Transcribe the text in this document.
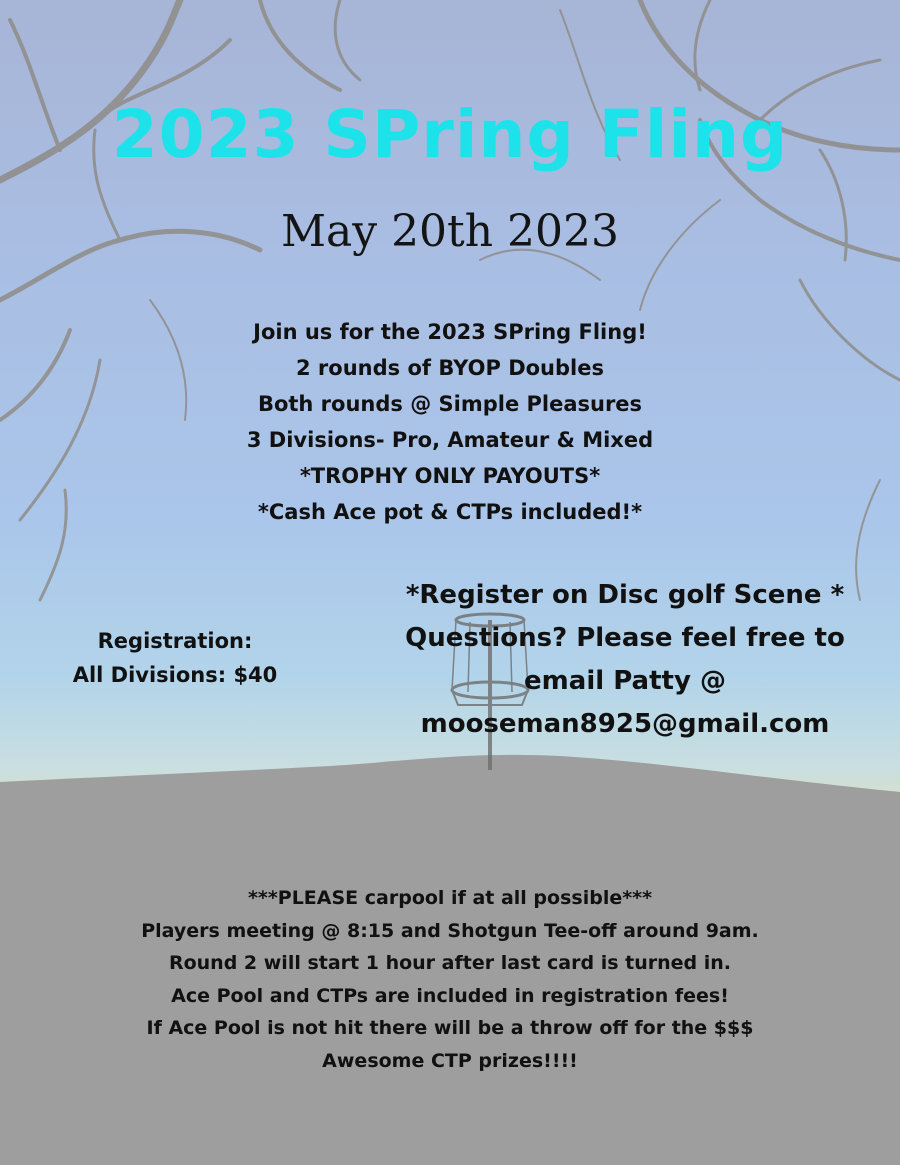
2023 SPring Fling
May 20th 2023
Join us for the 2023 SPring Fling!
2 rounds of BYOP Doubles
Both rounds @ Simple Pleasures
3 Divisions- Pro, Amateur & Mixed
*TROPHY ONLY PAYOUTS*
*Cash Ace pot & CTPs included!*
Registration:
All Divisions: $40
*Register on Disc golf Scene *
Questions? Please feel free to
email Patty @
mooseman8925@gmail.com
***PLEASE carpool if at all possible***
Players meeting @ 8:15 and Shotgun Tee-off around 9am.
Round 2 will start 1 hour after last card is turned in.
Ace Pool and CTPs are included in registration fees!
If Ace Pool is not hit there will be a throw off for the $$$
Awesome CTP prizes!!!!
